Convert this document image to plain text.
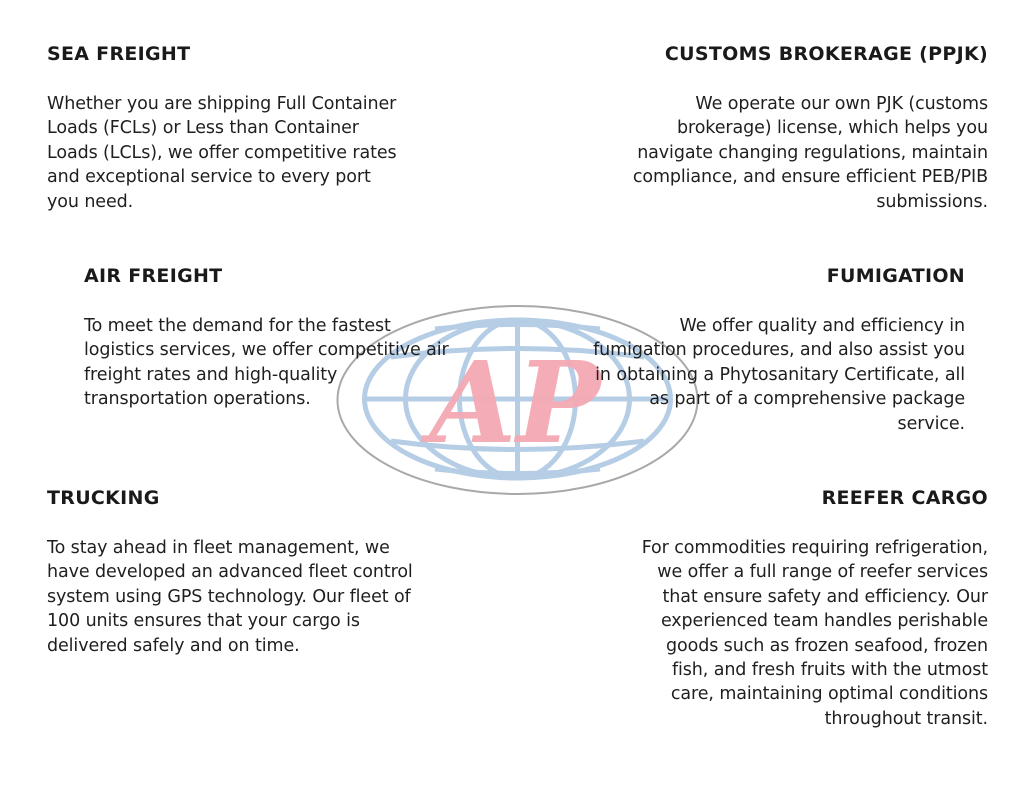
AP
SEA FREIGHT

Whether you are shipping Full Container Loads (FCLs) or Less than Container Loads (LCLs), we offer competitive rates and exceptional service to every port you need.

CUSTOMS BROKERAGE (PPJK)

We operate our own PJK (customs brokerage) license, which helps you navigate changing regulations, maintain compliance, and ensure efficient PEB/PIB submissions.

AIR FREIGHT

To meet the demand for the fastest logistics services, we offer competitive air freight rates and high-quality transportation operations.

FUMIGATION

We offer quality and efficiency in fumigation procedures, and also assist you in obtaining a Phytosanitary Certificate, all as part of a comprehensive package service.

TRUCKING

To stay ahead in fleet management, we have developed an advanced fleet control system using GPS technology. Our fleet of 100 units ensures that your cargo is delivered safely and on time.

REEFER CARGO

For commodities requiring refrigeration, we offer a full range of reefer services that ensure safety and efficiency. Our experienced team handles perishable goods such as frozen seafood, frozen fish, and fresh fruits with the utmost care, maintaining optimal conditions throughout transit.
